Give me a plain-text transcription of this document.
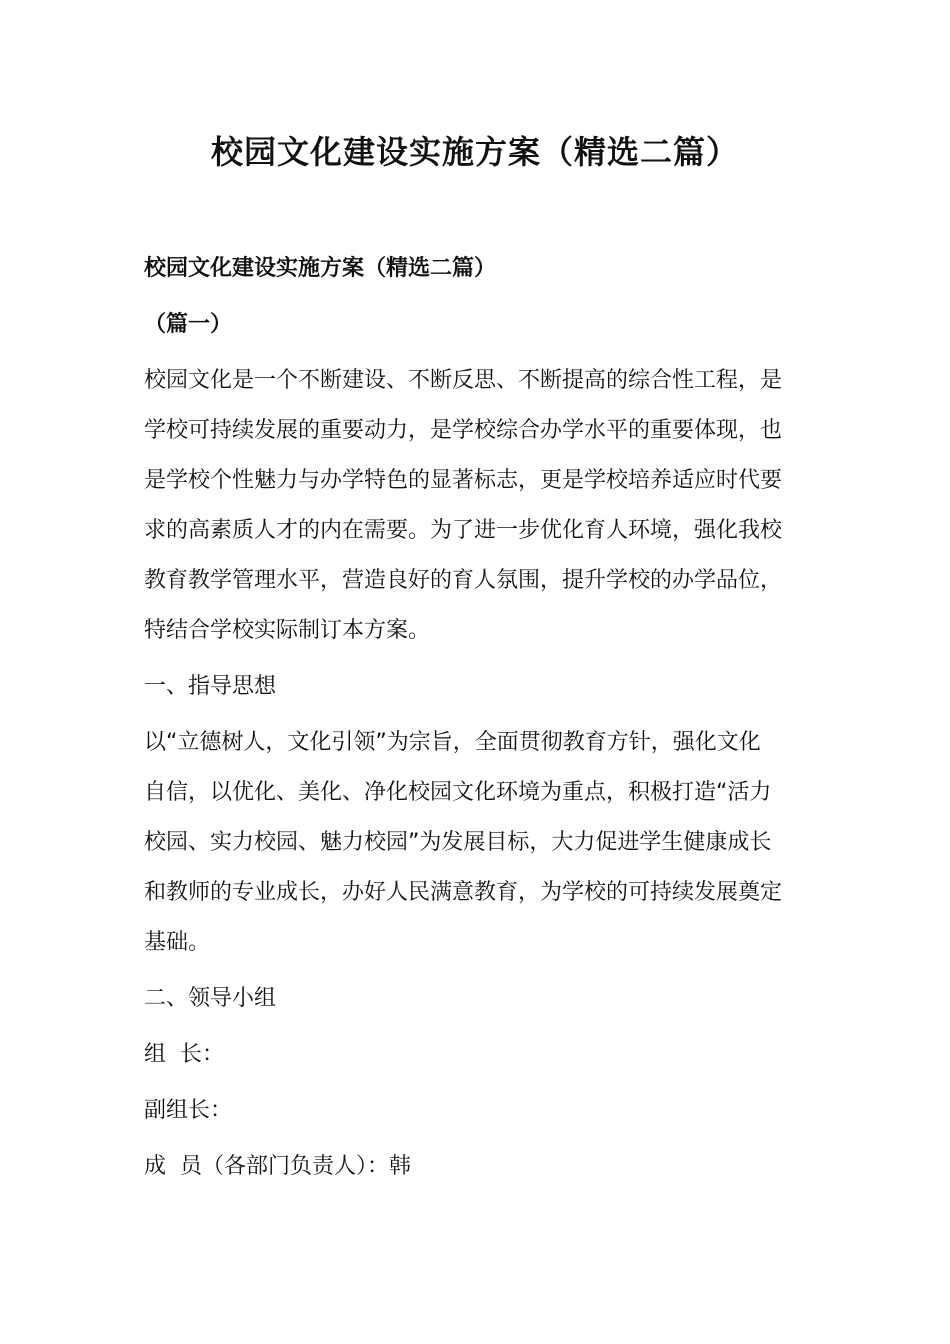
校园文化建设实施方案（精选二篇）
校园文化建设实施方案（精选二篇）
（篇一）
校园文化是一个不断建设、不断反思、不断提高的综合性工程，是
学校可持续发展的重要动力，是学校综合办学水平的重要体现，也
是学校个性魅力与办学特色的显著标志，更是学校培养适应时代要
求的高素质人才的内在需要。为了进一步优化育人环境，强化我校
教育教学管理水平，营造良好的育人氛围，提升学校的办学品位，
特结合学校实际制订本方案。
一、指导思想
以“立德树人，文化引领”为宗旨，全面贯彻教育方针，强化文化
自信，以优化、美化、净化校园文化环境为重点，积极打造“活力
校园、实力校园、魅力校园”为发展目标，大力促进学生健康成长
和教师的专业成长，办好人民满意教育，为学校的可持续发展奠定
基础。
二、领导小组
组  长：
副组长：
成  员（各部门负责人）：韩
